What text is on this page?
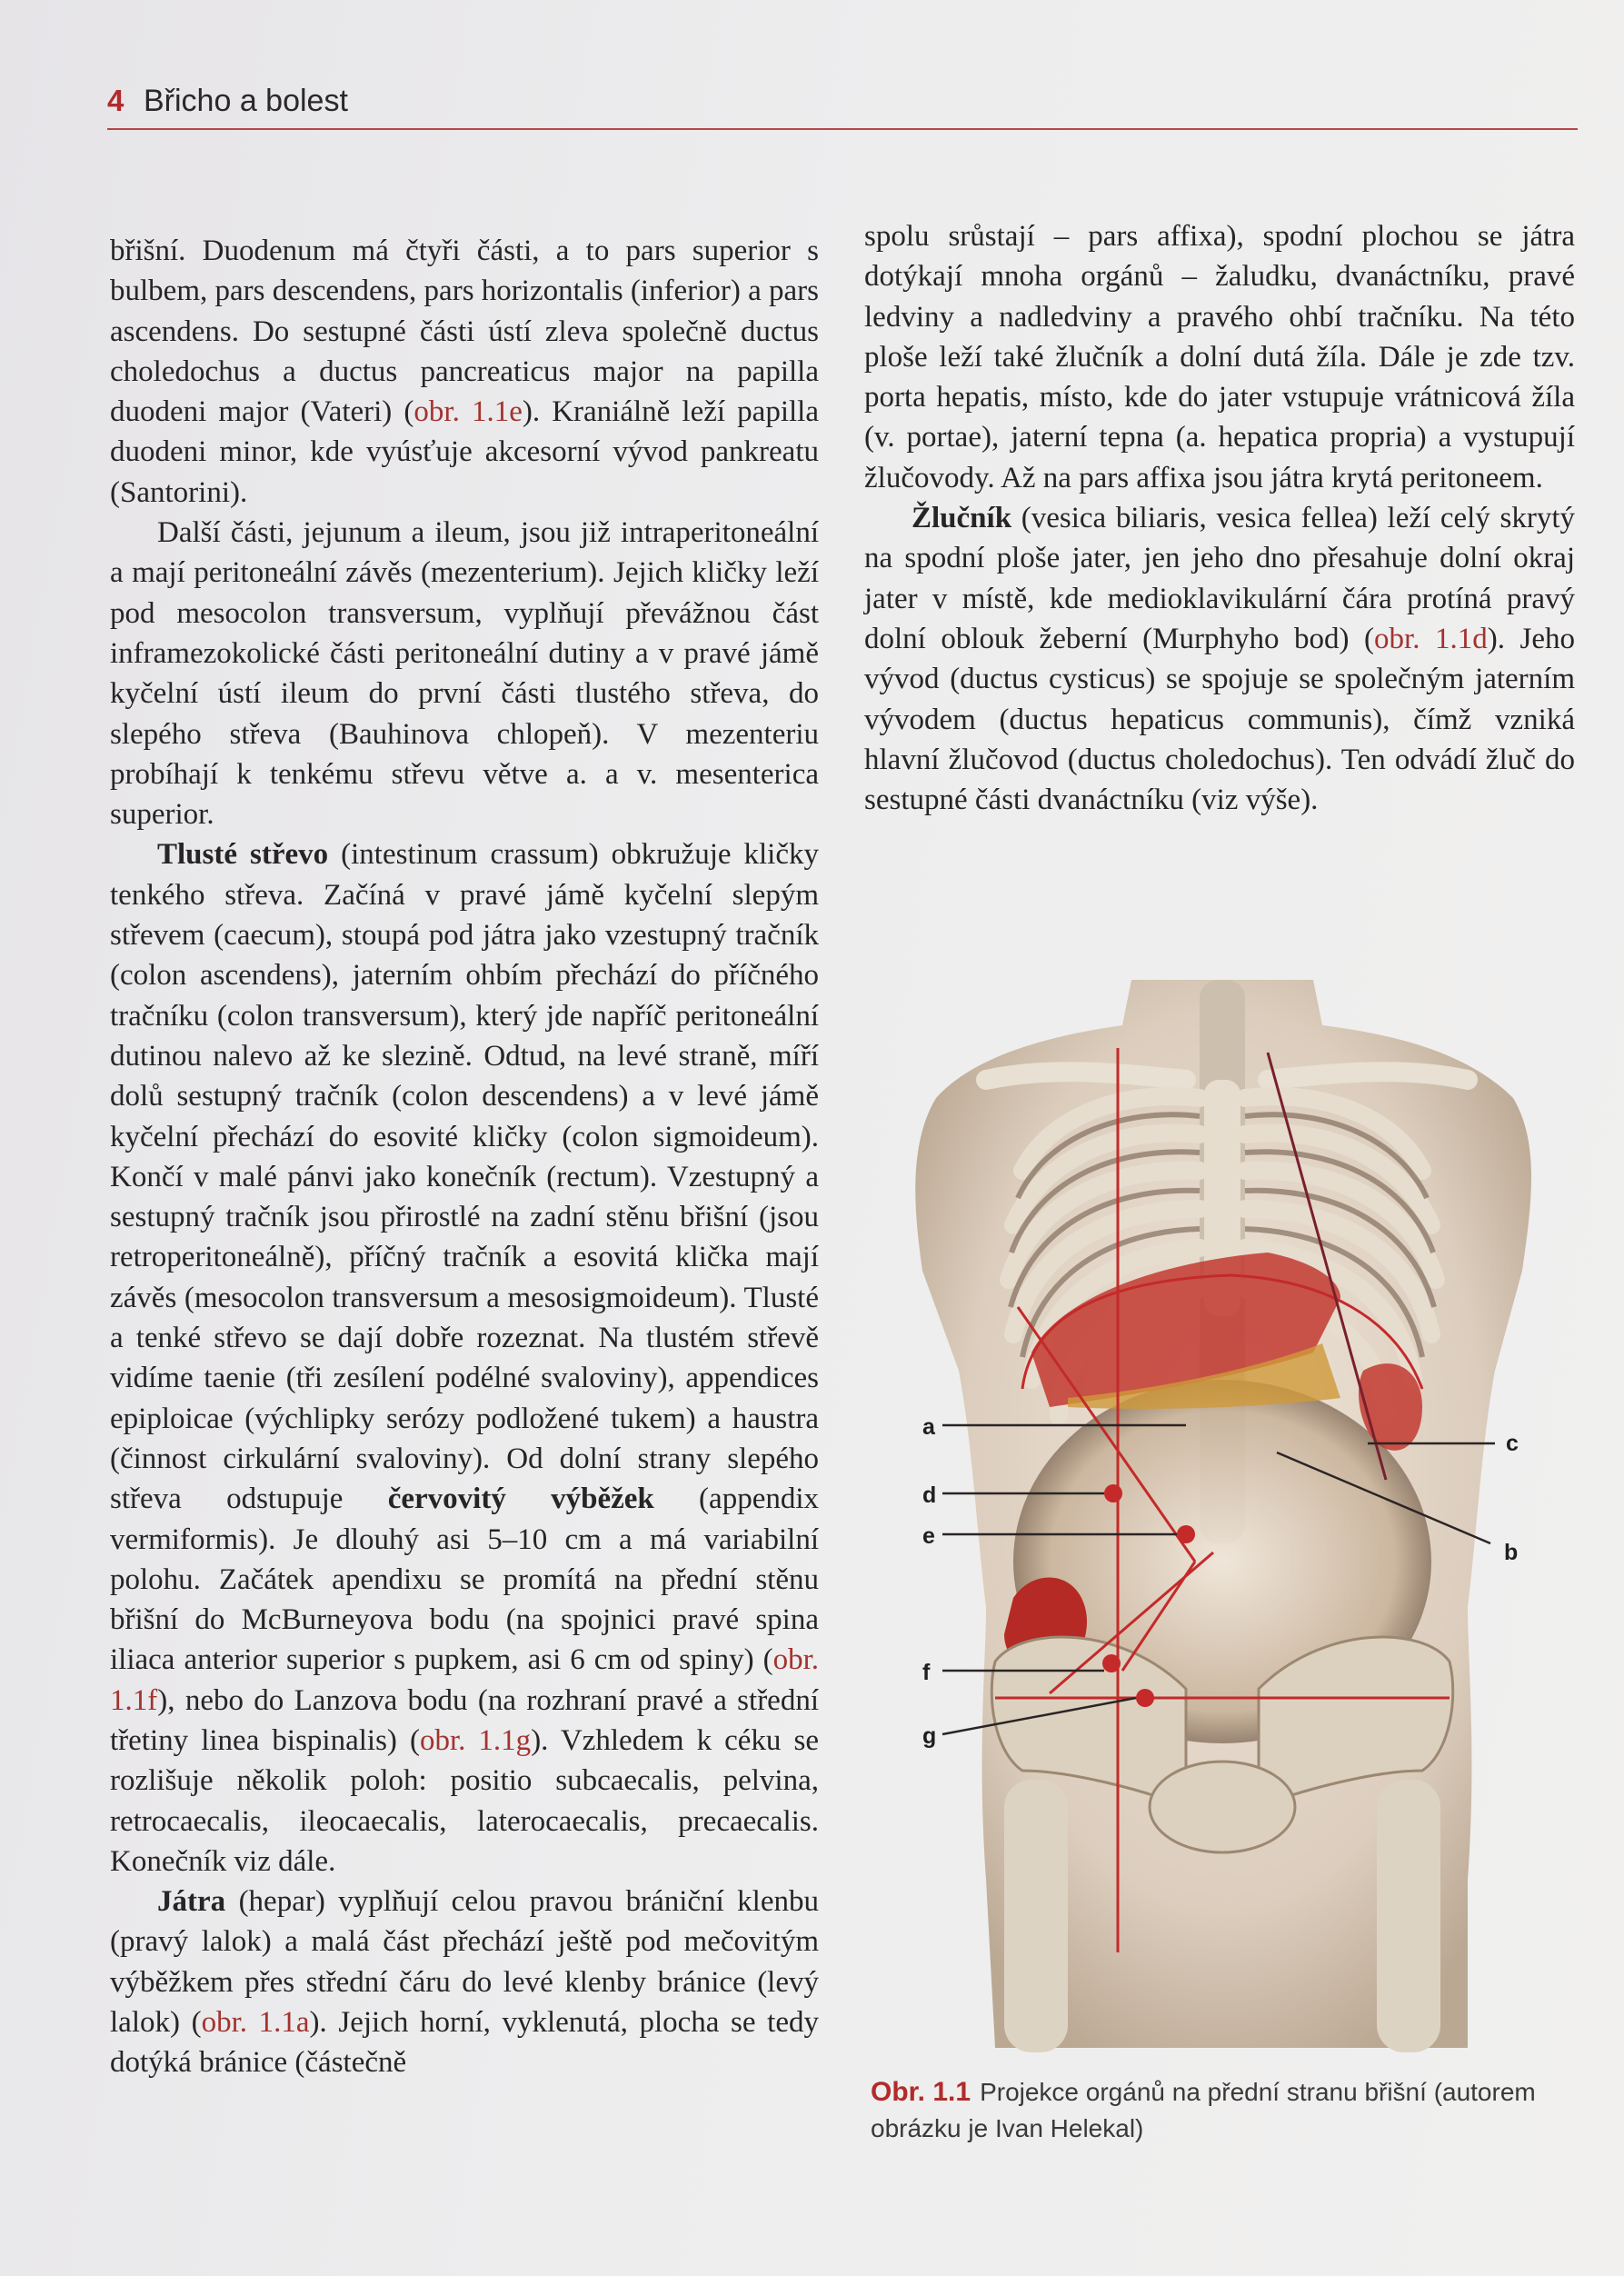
4 Břicho a bolest

břišní. Duodenum má čtyři části, a to pars superior s bulbem, pars descendens, pars horizontalis (inferior) a pars ascendens. Do sestupné části ústí zleva společně ductus choledochus a ductus pancreaticus major na papilla duodeni major (Vateri) (obr. 1.1e). Kraniálně leží papilla duodeni minor, kde vyúsťuje akcesorní vývod pankreatu (Santorini).

Další části, jejunum a ileum, jsou již intraperitoneální a mají peritoneální závěs (mezenterium). Jejich kličky leží pod mesocolon transversum, vyplňují převážnou část inframezokolické části peritoneální dutiny a v pravé jámě kyčelní ústí ileum do první části tlustého střeva, do slepého střeva (Bauhinova chlopeň). V mezenteriu probíhají k tenkému střevu větve a. a v. mesenterica superior.

Tlusté střevo (intestinum crassum) obkružuje kličky tenkého střeva. Začíná v pravé jámě kyčelní slepým střevem (caecum), stoupá pod játra jako vzestupný tračník (colon ascendens), jaterním ohbím přechází do příčného tračníku (colon transversum), který jde napříč peritoneální dutinou nalevo až ke slezině. Odtud, na levé straně, míří dolů sestupný tračník (colon descendens) a v levé jámě kyčelní přechází do esovité kličky (colon sigmoideum). Končí v malé pánvi jako konečník (rectum). Vzestupný a sestupný tračník jsou přirostlé na zadní stěnu břišní (jsou retroperitoneálně), příčný tračník a esovitá klička mají závěs (mesocolon transversum a mesosigmoideum). Tlusté a tenké střevo se dají dobře rozeznat. Na tlustém střevě vidíme taenie (tři zesílení podélné svaloviny), appendices epiploicae (výchlipky serózy podložené tukem) a haustra (činnost cirkulární svaloviny). Od dolní strany slepého střeva odstupuje červovitý výběžek (appendix vermiformis). Je dlouhý asi 5–10 cm a má variabilní polohu. Začátek apendixu se promítá na přední stěnu břišní do McBurneyova bodu (na spojnici pravé spina iliaca anterior superior s pupkem, asi 6 cm od spiny) (obr. 1.1f), nebo do Lanzova bodu (na rozhraní pravé a střední třetiny linea bispinalis) (obr. 1.1g). Vzhledem k céku se rozlišuje několik poloh: positio subcaecalis, pelvina, retrocaecalis, ileocaecalis, laterocaecalis, precaecalis. Konečník viz dále.

Játra (hepar) vyplňují celou pravou brániční klenbu (pravý lalok) a malá část přechází ještě pod mečovitým výběžkem přes střední čáru do levé klenby bránice (levý lalok) (obr. 1.1a). Jejich horní, vyklenutá, plocha se tedy dotýká bránice (částečně

spolu srůstají – pars affixa), spodní plochou se játra dotýkají mnoha orgánů – žaludku, dvanáctníku, pravé ledviny a nadledviny a pravého ohbí tračníku. Na této ploše leží také žlučník a dolní dutá žíla. Dále je zde tzv. porta hepatis, místo, kde do jater vstupuje vrátnicová žíla (v. portae), jaterní tepna (a. hepatica propria) a vystupují žlučovody. Až na pars affixa jsou játra krytá peritoneem.

Žlučník (vesica biliaris, vesica fellea) leží celý skrytý na spodní ploše jater, jen jeho dno přesahuje dolní okraj jater v místě, kde medioklavikulární čára protíná pravý dolní oblouk žeberní (Murphyho bod) (obr. 1.1d). Jeho vývod (ductus cysticus) se spojuje se společným jaterním vývodem (ductus hepaticus communis), čímž vzniká hlavní žlučovod (ductus choledochus). Ten odvádí žluč do sestupné části dvanáctníku (viz výše).

a
b
c
d
e
f
g
Obr. 1.1 Projekce orgánů na přední stranu břišní (autorem obrázku je Ivan Helekal)
